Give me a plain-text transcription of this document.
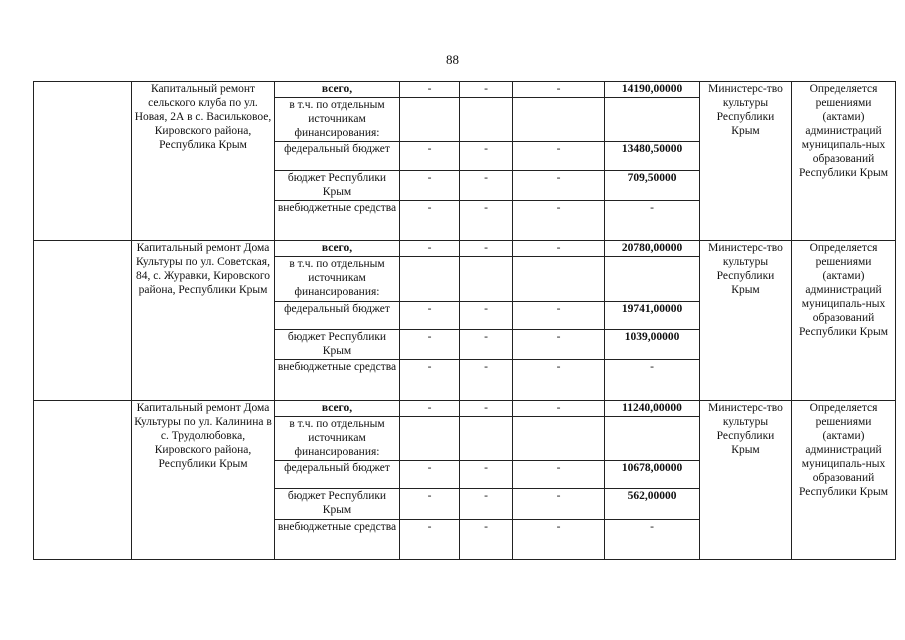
88
	Капитальный ремонт сельского клуба по ул. Новая, 2А в с. Васильковое, Кировского района, Республика Крым	всего,	-	-	-	14190,00000	Министерс-тво культуры Республики Крым	Определяется решениями (актами) администраций муниципаль-ных образований Республики Крым
		в т.ч. по отдельным источникам финансирования:						
		федеральный бюджет	-	-	-	13480,50000		
		бюджет Республики Крым	-	-	-	709,50000		
		внебюджетные средства	-	-	-	-		
	Капитальный ремонт Дома Культуры по ул. Советская, 84, с. Журавки, Кировского района, Республики Крым	всего,	-	-	-	20780,00000	Министерс-тво культуры Республики Крым	Определяется решениями (актами) администраций муниципаль-ных образований Республики Крым
		в т.ч. по отдельным источникам финансирования:						
		федеральный бюджет	-	-	-	19741,00000		
		бюджет Республики Крым	-	-	-	1039,00000		
		внебюджетные средства	-	-	-	-		
	Капитальный ремонт Дома Культуры по ул. Калинина в с. Трудолюбовка, Кировского района, Республики Крым	всего,	-	-	-	11240,00000	Министерс-тво культуры Республики Крым	Определяется решениями (актами) администраций муниципаль-ных образований Республики Крым
		в т.ч. по отдельным источникам финансирования:						
		федеральный бюджет	-	-	-	10678,00000		
		бюджет Республики Крым	-	-	-	562,00000		
		внебюджетные средства	-	-	-	-		
